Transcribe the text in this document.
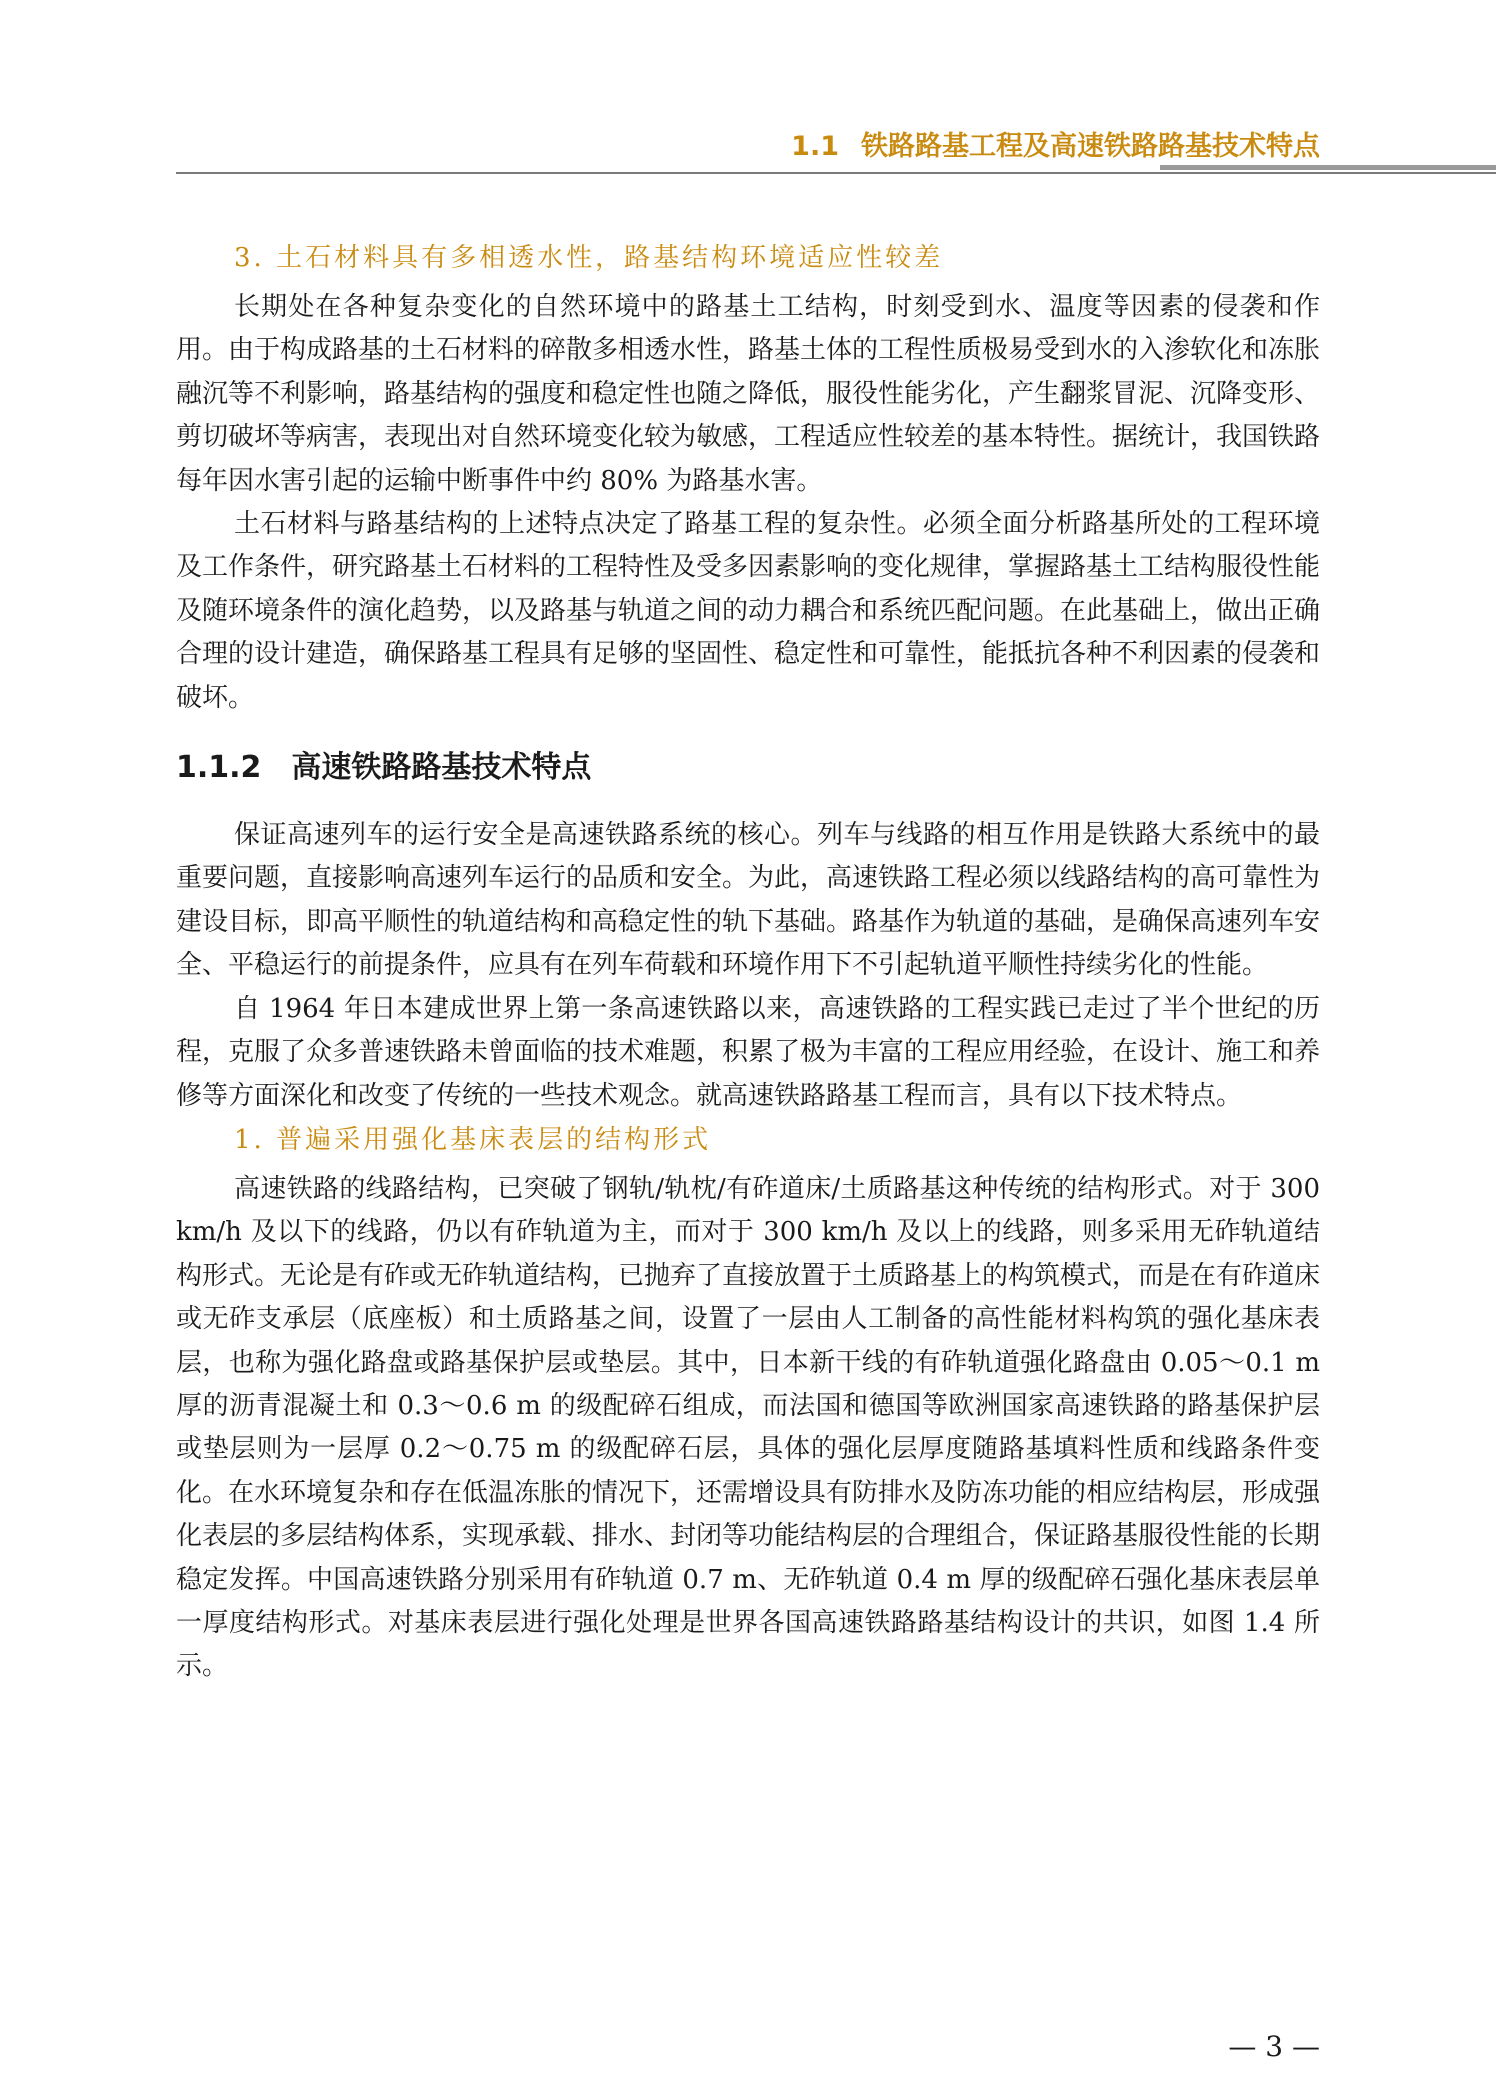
1.1 铁路路基工程及高速铁路路基技术特点

3. 土石材料具有多相透水性，路基结构环境适应性较差

长期处在各种复杂变化的自然环境中的路基土工结构，时刻受到水、温度等因素的侵袭和作用。由于构成路基的土石材料的碎散多相透水性，路基土体的工程性质极易受到水的入渗软化和冻胀融沉等不利影响，路基结构的强度和稳定性也随之降低，服役性能劣化，产生翻浆冒泥、沉降变形、剪切破坏等病害，表现出对自然环境变化较为敏感，工程适应性较差的基本特性。据统计，我国铁路每年因水害引起的运输中断事件中约 80% 为路基水害。

土石材料与路基结构的上述特点决定了路基工程的复杂性。必须全面分析路基所处的工程环境及工作条件，研究路基土石材料的工程特性及受多因素影响的变化规律，掌握路基土工结构服役性能及随环境条件的演化趋势，以及路基与轨道之间的动力耦合和系统匹配问题。在此基础上，做出正确合理的设计建造，确保路基工程具有足够的坚固性、稳定性和可靠性，能抵抗各种不利因素的侵袭和破坏。

1.1.2 高速铁路路基技术特点

保证高速列车的运行安全是高速铁路系统的核心。列车与线路的相互作用是铁路大系统中的最重要问题，直接影响高速列车运行的品质和安全。为此，高速铁路工程必须以线路结构的高可靠性为建设目标，即高平顺性的轨道结构和高稳定性的轨下基础。路基作为轨道的基础，是确保高速列车安全、平稳运行的前提条件，应具有在列车荷载和环境作用下不引起轨道平顺性持续劣化的性能。

自 1964 年日本建成世界上第一条高速铁路以来，高速铁路的工程实践已走过了半个世纪的历程，克服了众多普速铁路未曾面临的技术难题，积累了极为丰富的工程应用经验，在设计、施工和养修等方面深化和改变了传统的一些技术观念。就高速铁路路基工程而言，具有以下技术特点。

1. 普遍采用强化基床表层的结构形式

高速铁路的线路结构，已突破了钢轨/轨枕/有砟道床/土质路基这种传统的结构形式。对于 300 km/h 及以下的线路，仍以有砟轨道为主，而对于 300 km/h 及以上的线路，则多采用无砟轨道结构形式。无论是有砟或无砟轨道结构，已抛弃了直接放置于土质路基上的构筑模式，而是在有砟道床或无砟支承层（底座板）和土质路基之间，设置了一层由人工制备的高性能材料构筑的强化基床表层，也称为强化路盘或路基保护层或垫层。其中，日本新干线的有砟轨道强化路盘由 0.05～0.1 m 厚的沥青混凝土和 0.3～0.6 m 的级配碎石组成，而法国和德国等欧洲国家高速铁路的路基保护层或垫层则为一层厚 0.2～0.75 m 的级配碎石层，具体的强化层厚度随路基填料性质和线路条件变化。在水环境复杂和存在低温冻胀的情况下，还需增设具有防排水及防冻功能的相应结构层，形成强化表层的多层结构体系，实现承载、排水、封闭等功能结构层的合理组合，保证路基服役性能的长期稳定发挥。中国高速铁路分别采用有砟轨道 0.7 m、无砟轨道 0.4 m 厚的级配碎石强化基床表层单一厚度结构形式。对基床表层进行强化处理是世界各国高速铁路路基结构设计的共识，如图 1.4 所示。

— 3 —
